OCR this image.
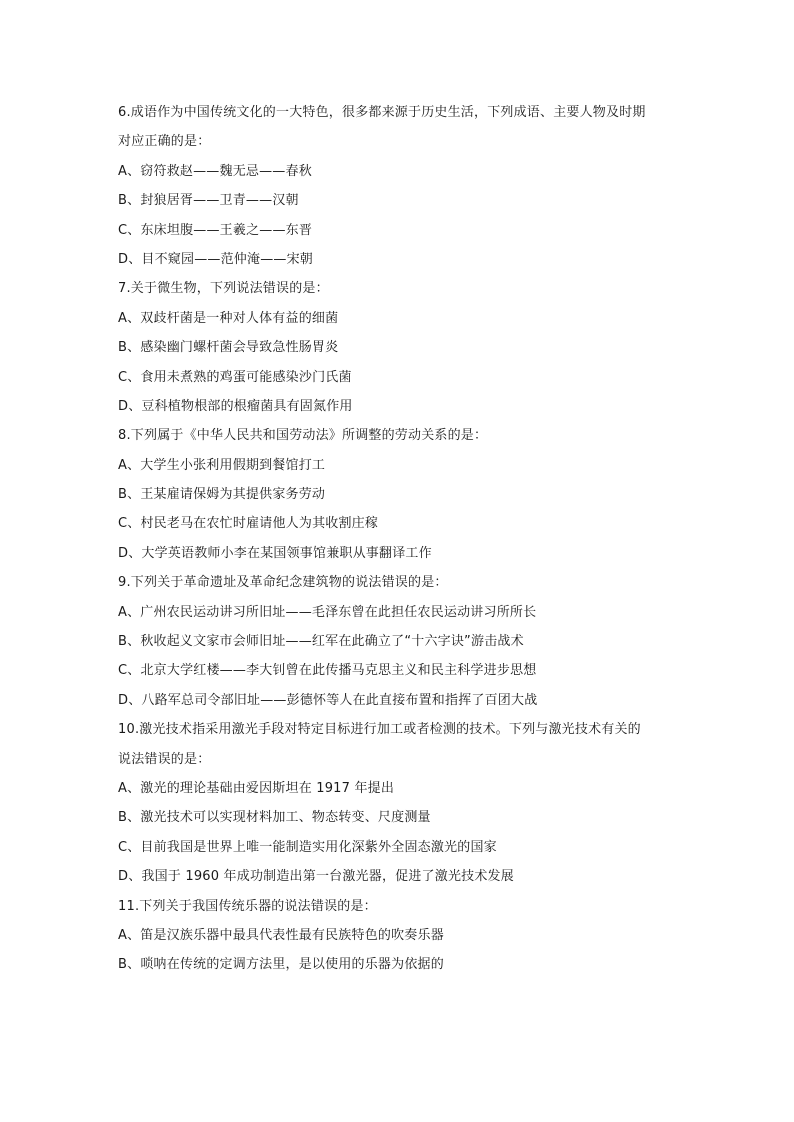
6.成语作为中国传统文化的一大特色，很多都来源于历史生活，下列成语、主要人物及时期
对应正确的是：
A、窃符救赵——魏无忌——春秋
B、封狼居胥——卫青——汉朝
C、东床坦腹——王羲之——东晋
D、目不窥园——范仲淹——宋朝
7.关于微生物，下列说法错误的是：
A、双歧杆菌是一种对人体有益的细菌
B、感染幽门螺杆菌会导致急性肠胃炎
C、食用未煮熟的鸡蛋可能感染沙门氏菌
D、豆科植物根部的根瘤菌具有固氮作用
8.下列属于《中华人民共和国劳动法》所调整的劳动关系的是：
A、大学生小张利用假期到餐馆打工
B、王某雇请保姆为其提供家务劳动
C、村民老马在农忙时雇请他人为其收割庄稼
D、大学英语教师小李在某国领事馆兼职从事翻译工作
9.下列关于革命遗址及革命纪念建筑物的说法错误的是：
A、广州农民运动讲习所旧址——毛泽东曾在此担任农民运动讲习所所长
B、秋收起义文家市会师旧址——红军在此确立了“十六字诀”游击战术
C、北京大学红楼——李大钊曾在此传播马克思主义和民主科学进步思想
D、八路军总司令部旧址——彭德怀等人在此直接布置和指挥了百团大战
10.激光技术指采用激光手段对特定目标进行加工或者检测的技术。下列与激光技术有关的
说法错误的是：
A、激光的理论基础由爱因斯坦在 1917 年提出
B、激光技术可以实现材料加工、物态转变、尺度测量
C、目前我国是世界上唯一能制造实用化深紫外全固态激光的国家
D、我国于 1960 年成功制造出第一台激光器，促进了激光技术发展
11.下列关于我国传统乐器的说法错误的是：
A、笛是汉族乐器中最具代表性最有民族特色的吹奏乐器
B、唢呐在传统的定调方法里，是以使用的乐器为依据的
